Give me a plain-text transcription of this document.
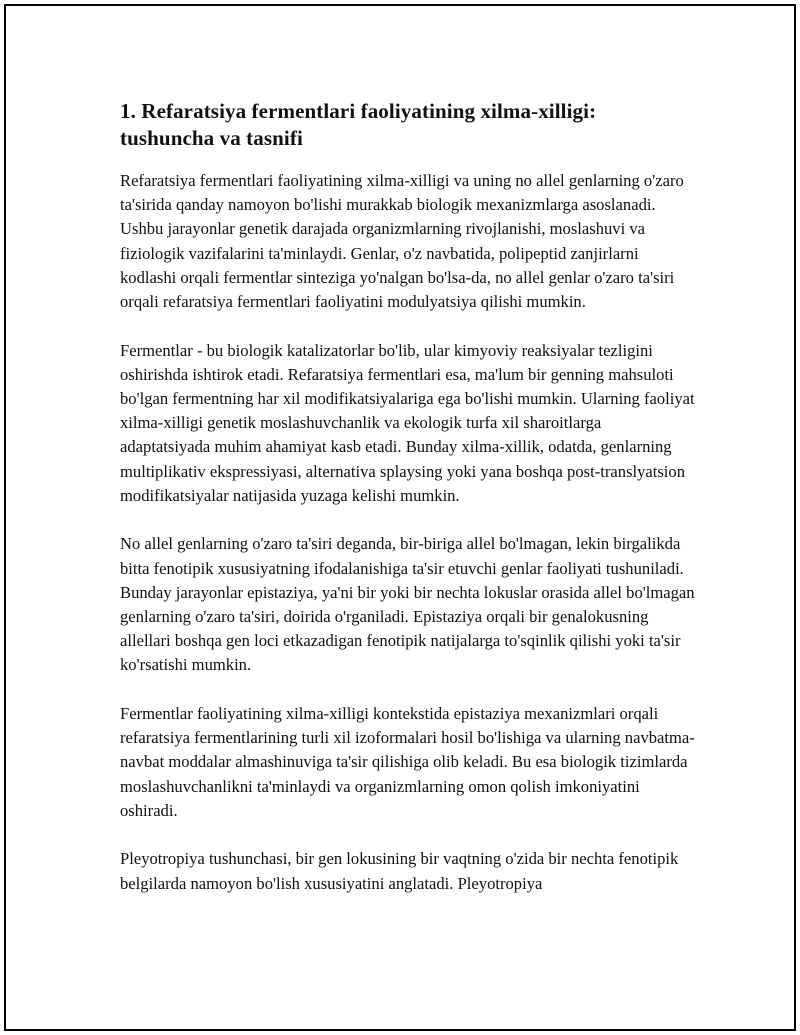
1. Refaratsiya fermentlari faoliyatining xilma-xilligi: tushuncha va tasnifi

Refaratsiya fermentlari faoliyatining xilma-xilligi va uning no allel genlarning o'zaro ta'sirida qanday namoyon bo'lishi murakkab biologik mexanizmlarga asoslanadi. Ushbu jarayonlar genetik darajada organizmlarning rivojlanishi, moslashuvi va fiziologik vazifalarini ta'minlaydi. Genlar, o'z navbatida, polipeptid zanjirlarni kodlashi orqali fermentlar sinteziga yo'nalgan bo'lsa-da, no allel genlar o'zaro ta'siri orqali refaratsiya fermentlari faoliyatini modulyatsiya qilishi mumkin.

Fermentlar - bu biologik katalizatorlar bo'lib, ular kimyoviy reaksiyalar tezligini oshirishda ishtirok etadi. Refaratsiya fermentlari esa, ma'lum bir genning mahsuloti bo'lgan fermentning har xil modifikatsiyalariga ega bo'lishi mumkin. Ularning faoliyat xilma-xilligi genetik moslashuvchanlik va ekologik turfa xil sharoitlarga adaptatsiyada muhim ahamiyat kasb etadi. Bunday xilma-xillik, odatda, genlarning multiplikativ ekspressiyasi, alternativa splaysing yoki yana boshqa post-translyatsion modifikatsiyalar natijasida yuzaga kelishi mumkin.

No allel genlarning o'zaro ta'siri deganda, bir-biriga allel bo'lmagan, lekin birgalikda bitta fenotipik xususiyatning ifodalanishiga ta'sir etuvchi genlar faoliyati tushuniladi. Bunday jarayonlar epistaziya, ya'ni bir yoki bir nechta lokuslar orasida allel bo'lmagan genlarning o'zaro ta'siri, doirida o'rganiladi. Epistaziya orqali bir genalokusning allellari boshqa gen loci etkazadigan fenotipik natijalarga to'sqinlik qilishi yoki ta'sir ko'rsatishi mumkin.

Fermentlar faoliyatining xilma-xilligi kontekstida epistaziya mexanizmlari orqali refaratsiya fermentlarining turli xil izoformalari hosil bo'lishiga va ularning navbatma-navbat moddalar almashinuviga ta'sir qilishiga olib keladi. Bu esa biologik tizimlarda moslashuvchanlikni ta'minlaydi va organizmlarning omon qolish imkoniyatini oshiradi.

Pleyotropiya tushunchasi, bir gen lokusining bir vaqtning o'zida bir nechta fenotipik belgilarda namoyon bo'lish xususiyatini anglatadi. Pleyotropiya
